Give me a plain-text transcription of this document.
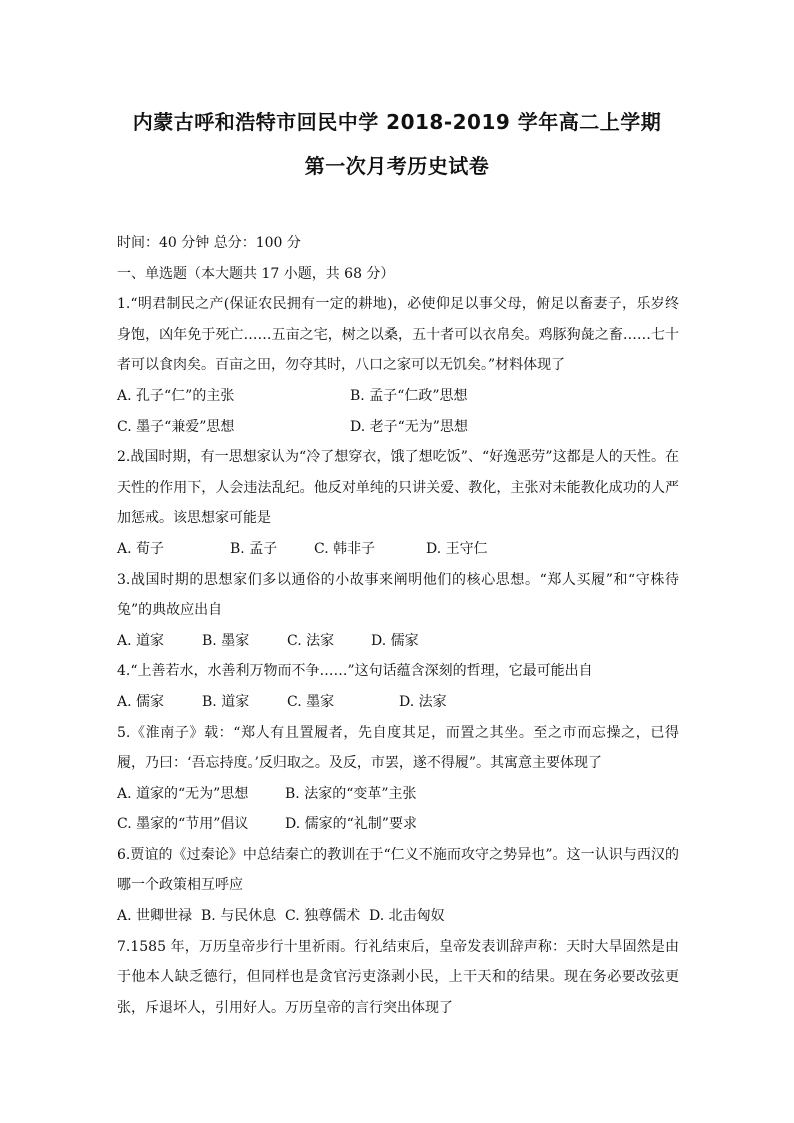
内蒙古呼和浩特市回民中学 2018-2019 学年高二上学期
第一次月考历史试卷

时间：40 分钟 总分：100 分

一、单选题（本大题共 17 小题，共 68 分）

1.“明君制民之产(保证农民拥有一定的耕地)，必使仰足以事父母，俯足以畜妻子，乐岁终身饱，凶年免于死亡……五亩之宅，树之以桑，五十者可以衣帛矣。鸡豚狗彘之畜……七十者可以食肉矣。百亩之田，勿夺其时，八口之家可以无饥矣。”材料体现了

A. 孔子“仁”的主张	B. 孟子“仁政”思想

C. 墨子“兼爱”思想	D. 老子“无为”思想

2.战国时期，有一思想家认为“冷了想穿衣，饿了想吃饭”、“好逸恶劳”这都是人的天性。在天性的作用下，人会违法乱纪。他反对单纯的只讲关爱、教化，主张对未能教化成功的人严加惩戒。该思想家可能是

A. 荀子	B. 孟子	C. 韩非子	D. 王守仁

3.战国时期的思想家们多以通俗的小故事来阐明他们的核心思想。“郑人买履”和“守株待兔”的典故应出自

A. 道家	B. 墨家	C. 法家	D. 儒家

4.“上善若水，水善利万物而不争……”这句话蕴含深刻的哲理，它最可能出自

A. 儒家	B. 道家	C. 墨家	D. 法家

5.《淮南子》载：“郑人有且置履者，先自度其足，而置之其坐。至之市而忘操之，已得履，乃曰：‘吾忘持度。’反归取之。及反，市罢，遂不得履”。其寓意主要体现了

A. 道家的“无为”思想	B. 法家的“变革”主张

C. 墨家的“节用”倡议	D. 儒家的“礼制”要求

6.贾谊的《过秦论》中总结秦亡的教训在于“仁义不施而攻守之势异也”。这一认识与西汉的哪一个政策相互呼应

A. 世卿世禄 B. 与民休息 C. 独尊儒术 D. 北击匈奴

7.1585 年，万历皇帝步行十里祈雨。行礼结束后，皇帝发表训辞声称：天时大旱固然是由于他本人缺乏德行，但同样也是贪官污吏涤剥小民，上干天和的结果。现在务必要改弦更张，斥退坏人，引用好人。万历皇帝的言行突出体现了
